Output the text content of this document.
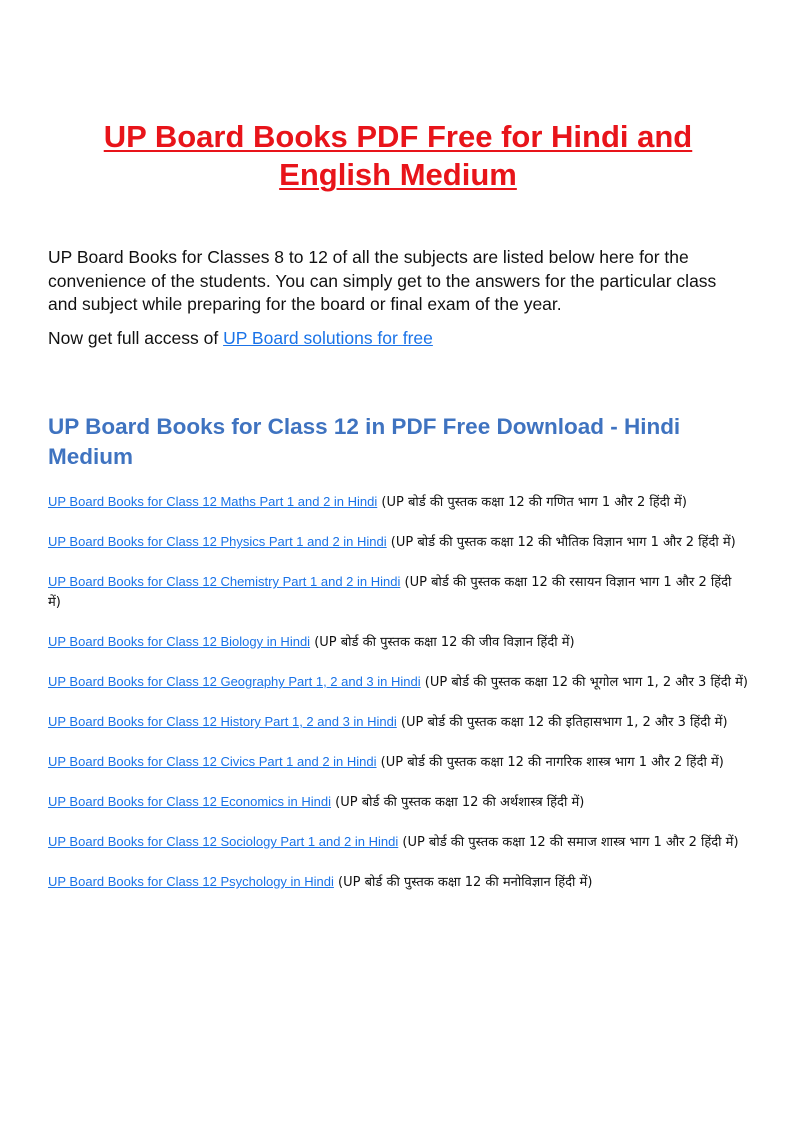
UP Board Books PDF Free for Hindi and English Medium

UP Board Books for Classes 8 to 12 of all the subjects are listed below here for the convenience of the students. You can simply get to the answers for the particular class and subject while preparing for the board or final exam of the year.

Now get full access of UP Board solutions for free

UP Board Books for Class 12 in PDF Free Download - Hindi Medium
UP Board Books for Class 12 Maths Part 1 and 2 in Hindi (UP बोर्ड की पुस्तक कक्षा 12 की गणित भाग 1 और 2 हिंदी में)
UP Board Books for Class 12 Physics Part 1 and 2 in Hindi (UP बोर्ड की पुस्तक कक्षा 12 की भौतिक विज्ञान भाग 1 और 2 हिंदी में)
UP Board Books for Class 12 Chemistry Part 1 and 2 in Hindi (UP बोर्ड की पुस्तक कक्षा 12 की रसायन विज्ञान भाग 1 और 2 हिंदी में)
UP Board Books for Class 12 Biology in Hindi (UP बोर्ड की पुस्तक कक्षा 12 की जीव विज्ञान हिंदी में)
UP Board Books for Class 12 Geography Part 1, 2 and 3 in Hindi (UP बोर्ड की पुस्तक कक्षा 12 की भूगोल भाग 1, 2 और 3 हिंदी में)
UP Board Books for Class 12 History Part 1, 2 and 3 in Hindi (UP बोर्ड की पुस्तक कक्षा 12 की इतिहासभाग 1, 2 और 3 हिंदी में)
UP Board Books for Class 12 Civics Part 1 and 2 in Hindi (UP बोर्ड की पुस्तक कक्षा 12 की नागरिक शास्त्र भाग 1 और 2 हिंदी में)
UP Board Books for Class 12 Economics in Hindi (UP बोर्ड की पुस्तक कक्षा 12 की अर्थशास्त्र हिंदी में)
UP Board Books for Class 12 Sociology Part 1 and 2 in Hindi (UP बोर्ड की पुस्तक कक्षा 12 की समाज शास्त्र भाग 1 और 2 हिंदी में)
UP Board Books for Class 12 Psychology in Hindi (UP बोर्ड की पुस्तक कक्षा 12 की मनोविज्ञान हिंदी में)
